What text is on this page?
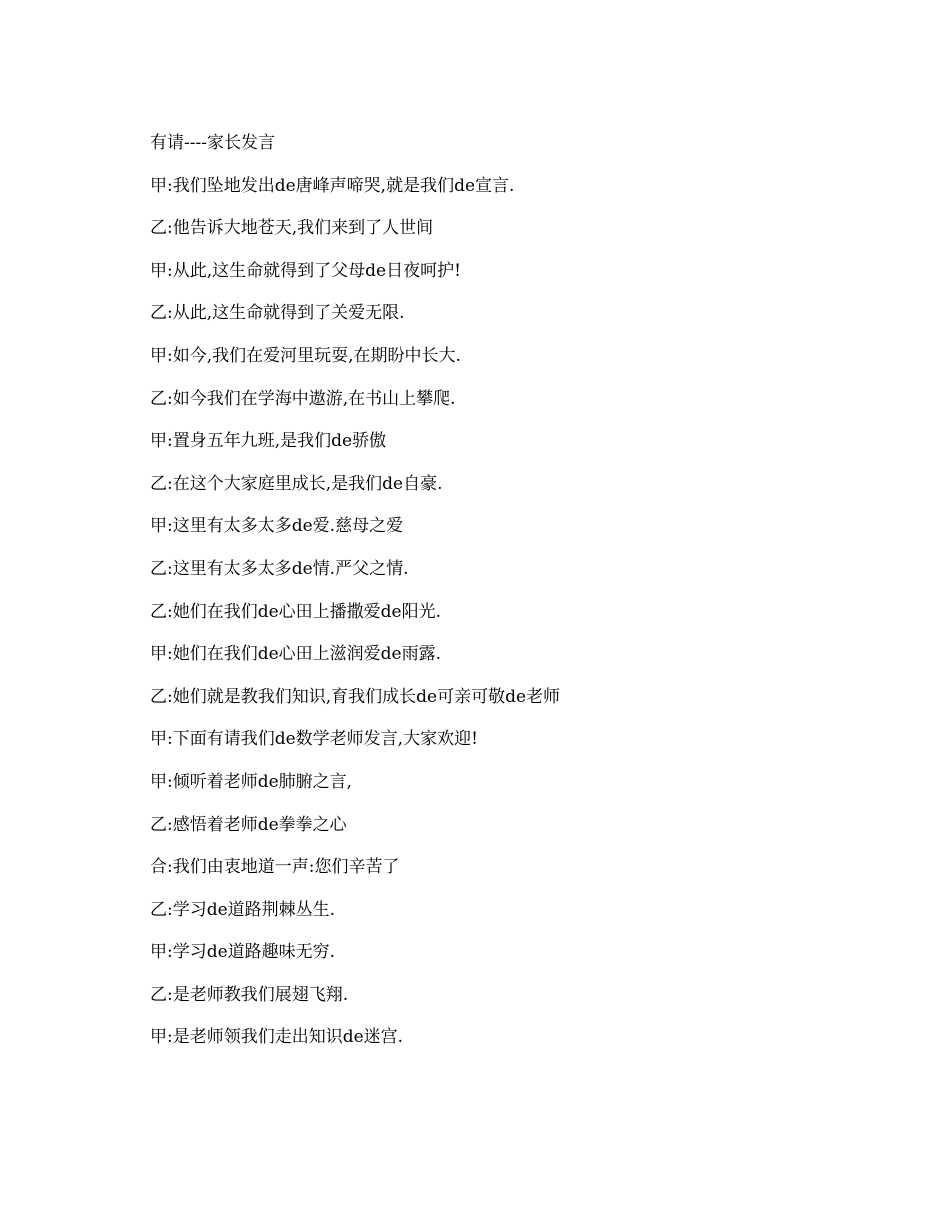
有请----家长发言
甲:我们坠地发出de唐峰声啼哭,就是我们de宣言.
乙:他告诉大地苍天,我们来到了人世间
甲:从此,这生命就得到了父母de日夜呵护!
乙:从此,这生命就得到了关爱无限.
甲:如今,我们在爱河里玩耍,在期盼中长大.
乙:如今我们在学海中遨游,在书山上攀爬.
甲:置身五年九班,是我们de骄傲
乙:在这个大家庭里成长,是我们de自豪.
甲:这里有太多太多de爱.慈母之爱
乙:这里有太多太多de情.严父之情.
乙:她们在我们de心田上播撒爱de阳光.
甲:她们在我们de心田上滋润爱de雨露.
乙:她们就是教我们知识,育我们成长de可亲可敬de老师
甲:下面有请我们de数学老师发言,大家欢迎!
甲:倾听着老师de肺腑之言,
乙:感悟着老师de拳拳之心
合:我们由衷地道一声:您们辛苦了
乙:学习de道路荆棘丛生.
甲:学习de道路趣味无穷.
乙:是老师教我们展翅飞翔.
甲:是老师领我们走出知识de迷宫.
